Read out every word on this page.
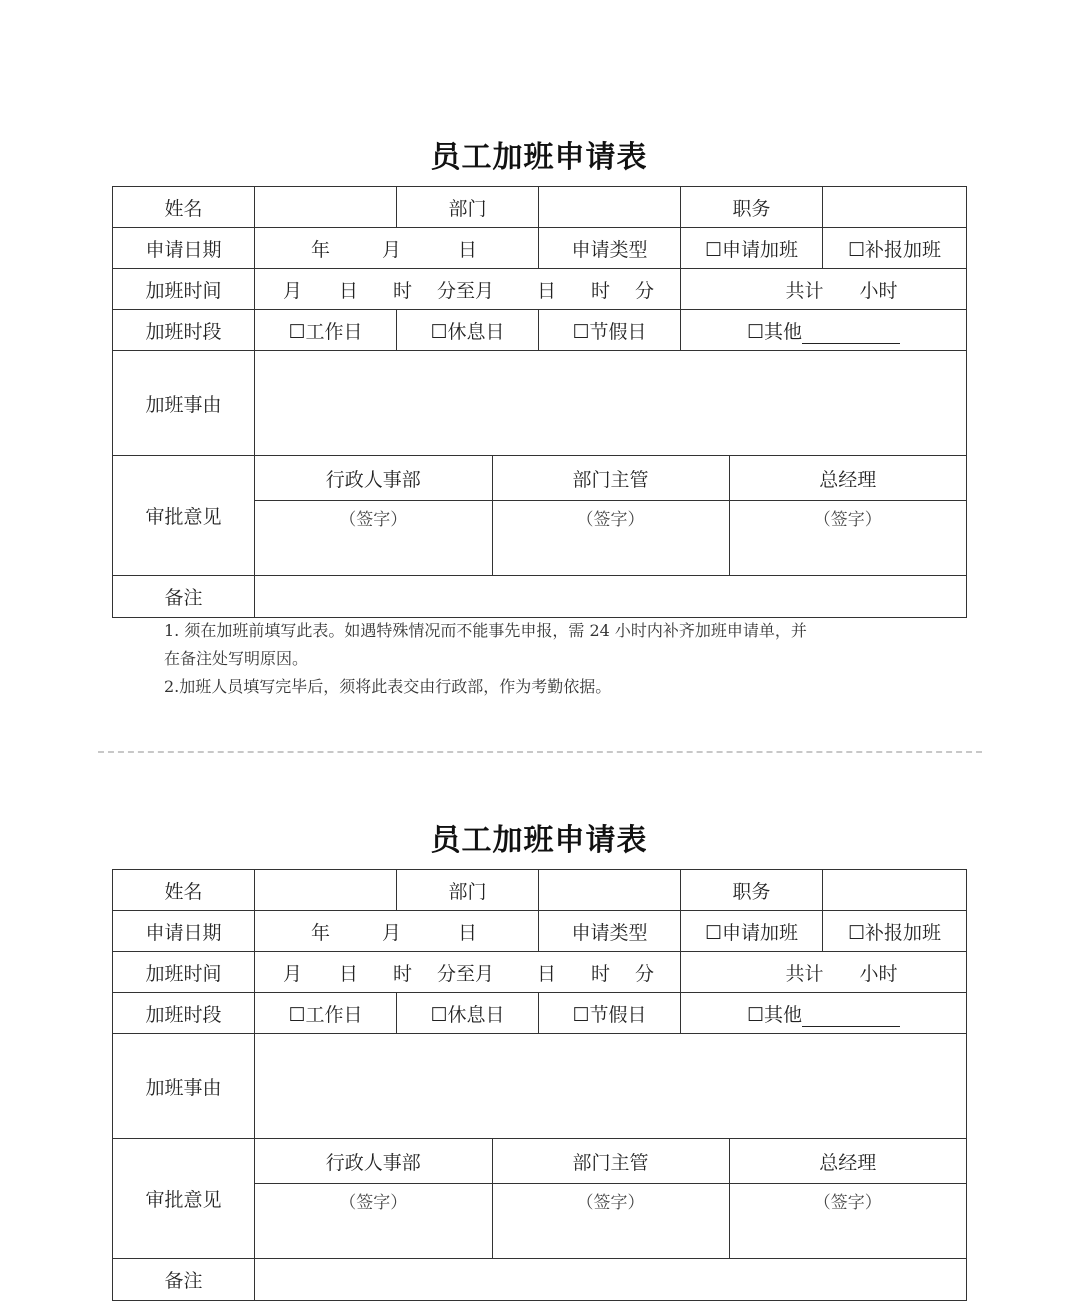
员工加班申请表
姓名		部门		职务	
申请日期	年	月	日	申请类型	☐申请加班	☐补报加班
加班时间	月 日 时 分至月 日 时 分	共计 小时
加班时段	☐工作日	☐休息日	☐节假日	☐其他
加班事由	
审批意见	
行政人事部	部门主管	总经理
（签字）	（签字）	（签字）

备注	

1. 须在加班前填写此表。如遇特殊情况而不能事先申报，需 24 小时内补齐加班申请单，并

在备注处写明原因。

2.加班人员填写完毕后，须将此表交由行政部，作为考勤依据。

员工加班申请表
姓名		部门		职务	
申请日期	年	月	日	申请类型	☐申请加班	☐补报加班
加班时间	月 日 时 分至月 日 时 分	共计 小时
加班时段	☐工作日	☐休息日	☐节假日	☐其他
加班事由	
审批意见	
行政人事部	部门主管	总经理
（签字）	（签字）	（签字）

备注	
